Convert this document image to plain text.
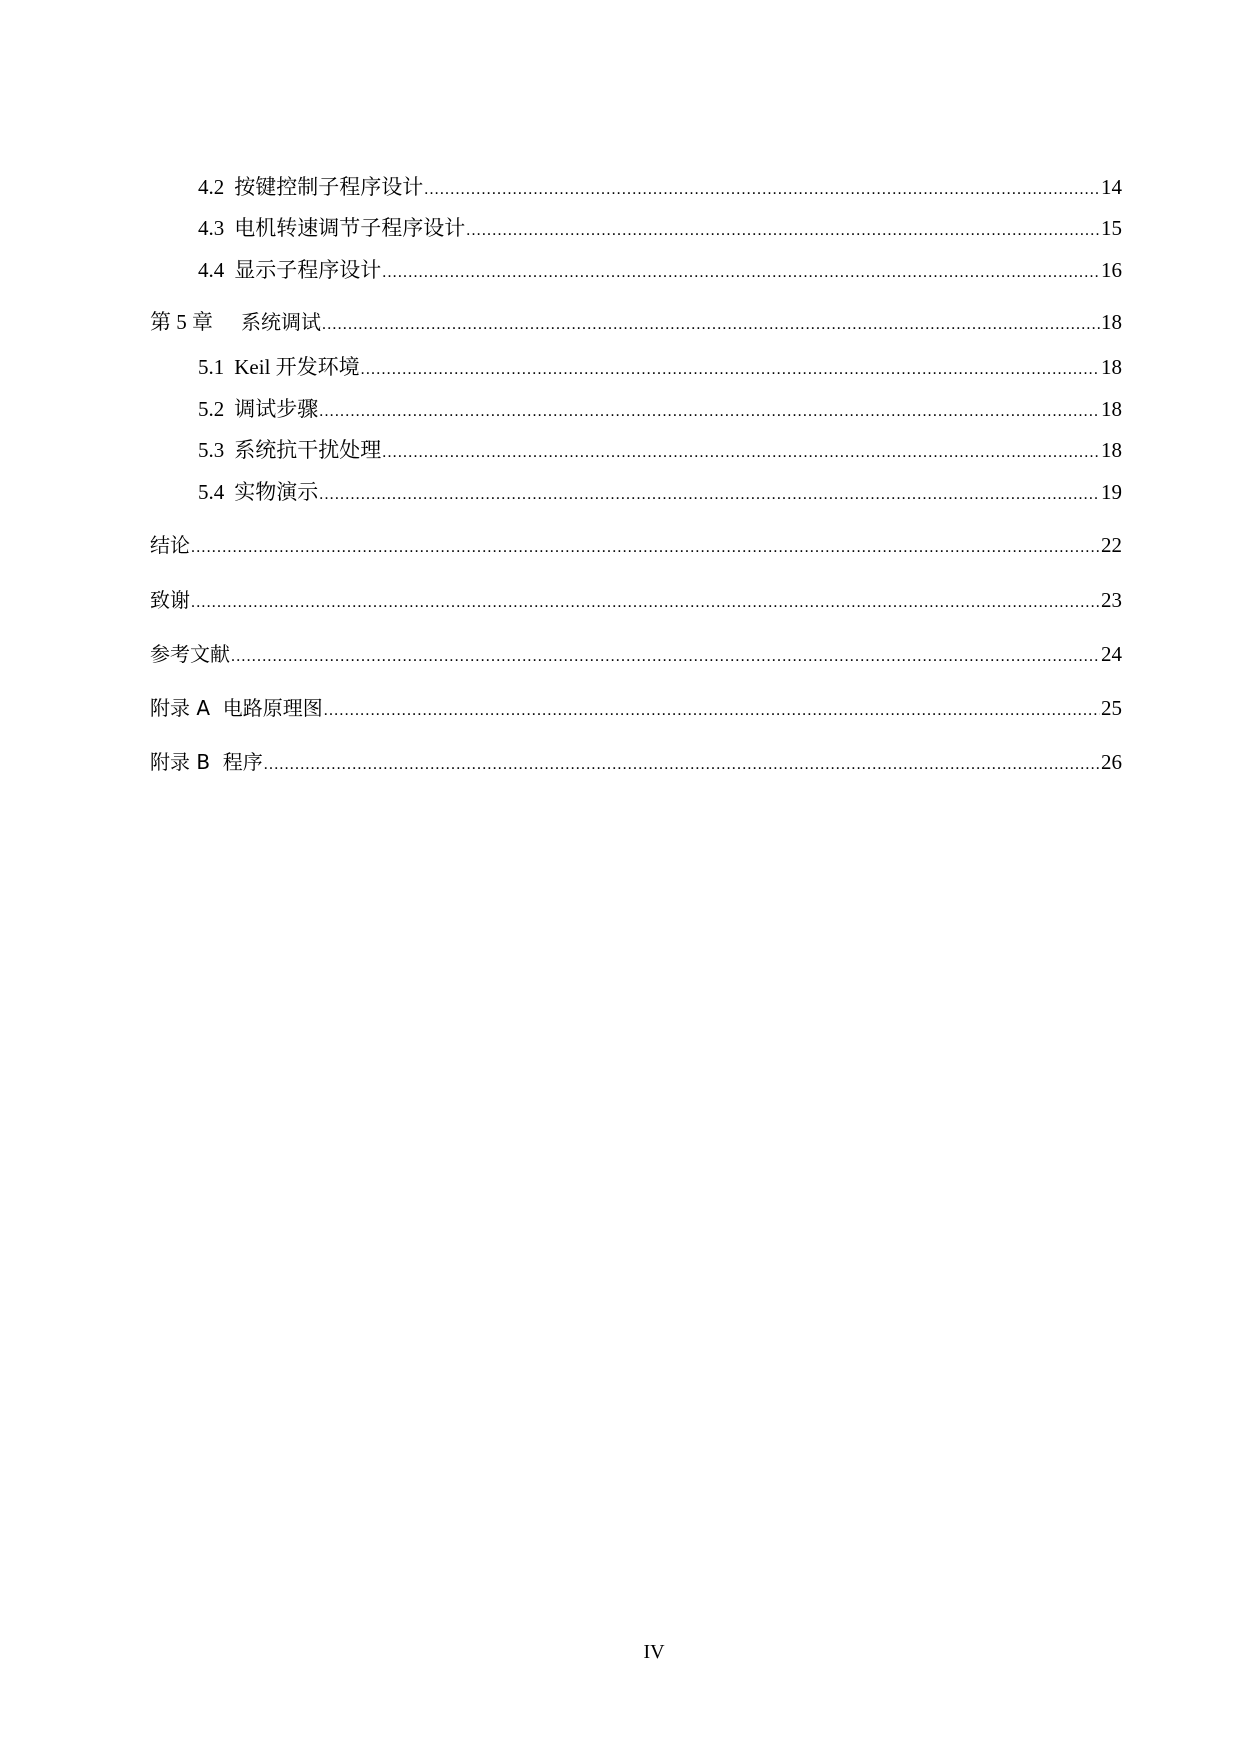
4.2 按键控制子程序设计 .....	14
4.3 电机转速调节子程序设计 .....	15
4.4 显示子程序设计 .....	16
第 5 章 系统调试 .....	18
5.1 Keil 开发环境 .....	18
5.2 调试步骤 .....	18
5.3 系统抗干扰处理 .....	18
5.4 实物演示 .....	19
结论 .....	22
致谢 .....	23
参考文献 .....	24
附录 A  电路原理图 .....	25
附录 B  程序 .....	26
IV
